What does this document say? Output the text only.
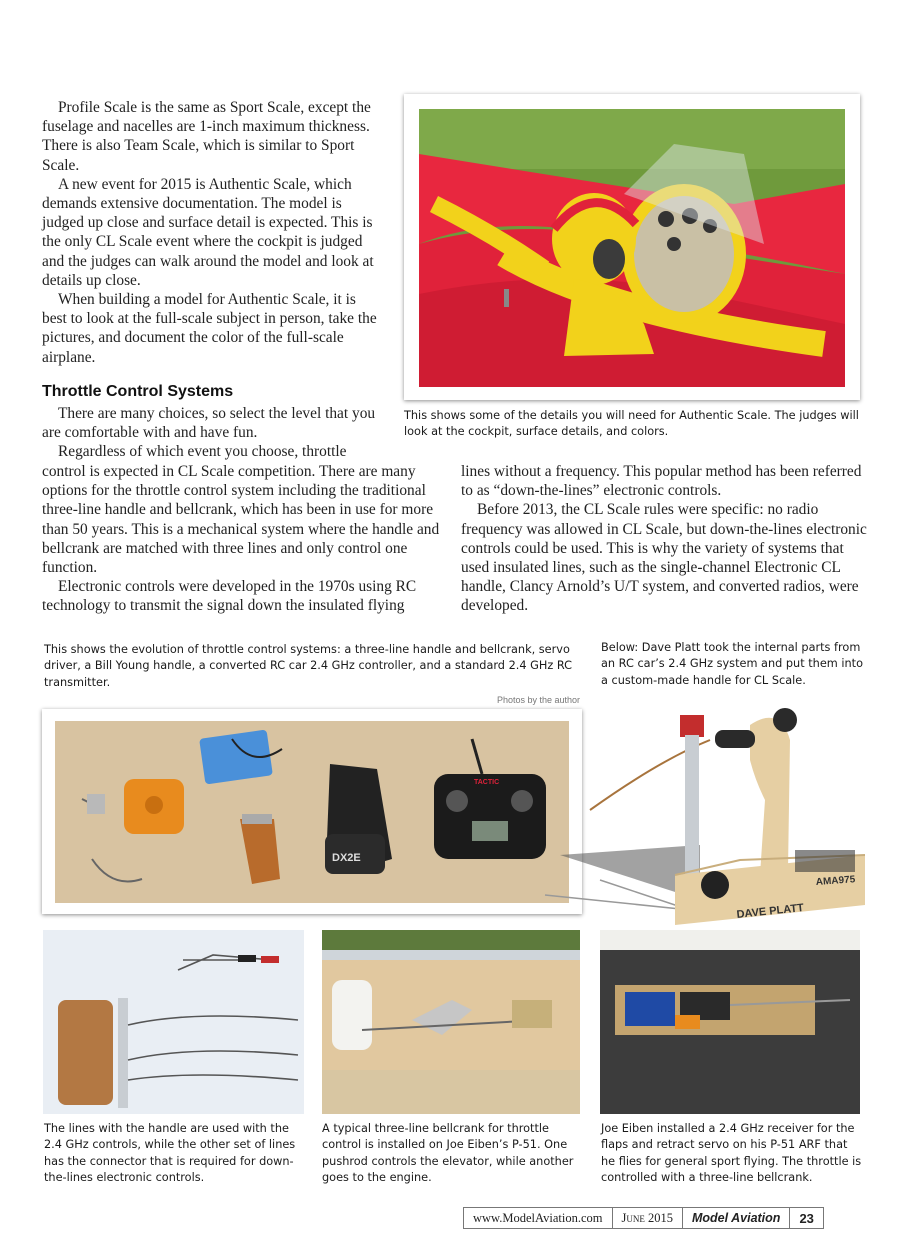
Profile Scale is the same as Sport Scale, except the fuselage and nacelles are 1-inch maximum thickness. There is also Team Scale, which is similar to Sport Scale.

A new event for 2015 is Authentic Scale, which demands extensive documentation. The model is judged up close and surface detail is expected. This is the only CL Scale event where the cockpit is judged and the judges can walk around the model and look at details up close.

When building a model for Authentic Scale, it is best to look at the full-scale subject in person, take the pictures, and document the color of the full-scale airplane.

Throttle Control Systems

There are many choices, so select the level that you are comfortable with and have fun.

Regardless of which event you choose, throttle

control is expected in CL Scale competition. There are many options for the throttle control system including the traditional three-line handle and bellcrank, which has been in use for more than 50 years. This is a mechanical system where the handle and bellcrank are matched with three lines and only control one function.

Electronic controls were developed in the 1970s using RC technology to transmit the signal down the insulated flying

lines without a frequency. This popular method has been referred to as “down-the-lines” electronic controls.

Before 2013, the CL Scale rules were specific: no radio frequency was allowed in CL Scale, but down-the-lines electronic controls could be used. This is why the variety of systems that used insulated lines, such as the single-channel Electronic CL handle, Clancy Arnold’s U/T system, and converted radios, were developed.

This shows some of the details you will need for Authentic Scale. The judges will look at the cockpit, surface details, and colors.
This shows the evolution of throttle control systems: a three-line handle and bellcrank, servo driver, a Bill Young handle, a converted RC car 2.4 GHz controller, and a standard 2.4 GHz RC transmitter.
Photos by the author
DX2E
TACTIC
Below: Dave Platt took the internal parts from an RC car’s 2.4 GHz system and put them into a custom-made handle for CL Scale.
DAVE PLATT
AMA975
The lines with the handle are used with the 2.4 GHz controls, while the other set of lines has the connector that is required for down-the-lines electronic controls.
A typical three-line bellcrank for throttle control is installed on Joe Eiben’s P-51. One pushrod controls the elevator, while another goes to the engine.
Joe Eiben installed a 2.4 GHz receiver for the flaps and retract servo on his P-51 ARF that he flies for general sport flying. The throttle is controlled with a three-line bellcrank.
www.ModelAviation.com	June 2015	Model Aviation	23
